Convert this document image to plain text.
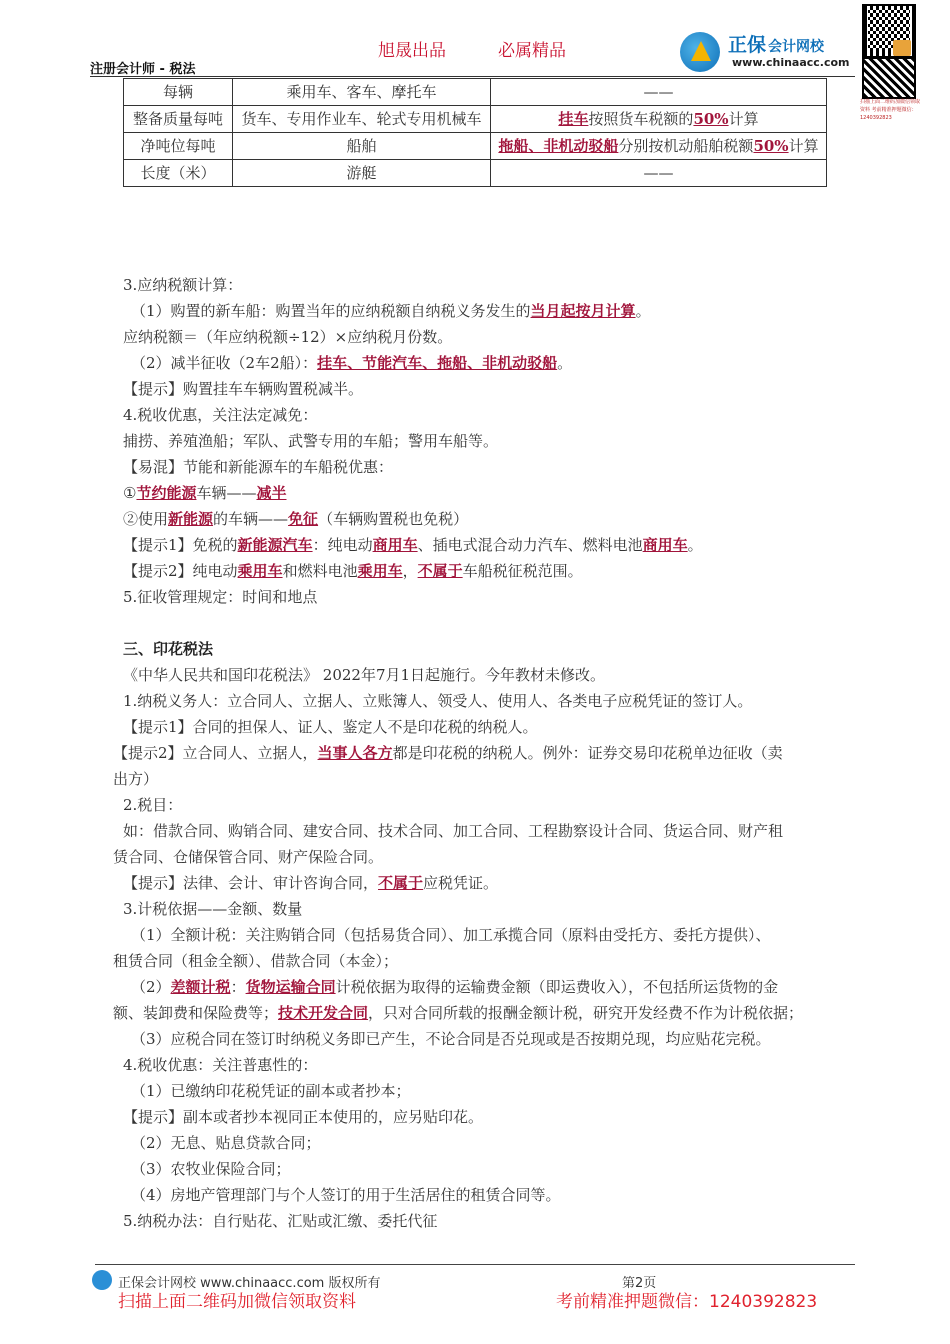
注册会计师 - 税法
旭晟出品	必属精品	正保 会计网校
www.chinaacc.com
扫描上面二维码加微信领取资料 考前精准押题微信：1240392823
每辆	乘用车、客车、摩托车	——
整备质量每吨	货车、专用作业车、轮式专用机械车	挂车按照货车税额的50%计算
净吨位每吨	船舶	拖船、非机动驳船分别按机动船舶税额50%计算
长度（米）	游艇	——

3.应纳税额计算：

（1）购置的新车船：购置当年的应纳税额自纳税义务发生的当月起按月计算。

应纳税额＝（年应纳税额÷12）×应纳税月份数。

（2）减半征收（2车2船）：挂车、节能汽车、拖船、非机动驳船。

【提示】购置挂车车辆购置税减半。

4.税收优惠，关注法定减免：

捕捞、养殖渔船；军队、武警专用的车船；警用车船等。

【易混】节能和新能源车的车船税优惠：

①节约能源车辆——减半

②使用新能源的车辆——免征（车辆购置税也免税）

【提示1】免税的新能源汽车：纯电动商用车、插电式混合动力汽车、燃料电池商用车。

【提示2】纯电动乘用车和燃料电池乘用车，不属于车船税征税范围。

5.征收管理规定：时间和地点

三、印花税法

《中华人民共和国印花税法》 2022年7月1日起施行。今年教材未修改。

1.纳税义务人：立合同人、立据人、立账簿人、领受人、使用人、各类电子应税凭证的签订人。

【提示1】合同的担保人、证人、鉴定人不是印花税的纳税人。

【提示2】立合同人、立据人，当事人各方都是印花税的纳税人。例外：证券交易印花税单边征收（卖

出方）

2.税目：

如：借款合同、购销合同、建安合同、技术合同、加工合同、工程勘察设计合同、货运合同、财产租

赁合同、仓储保管合同、财产保险合同。

【提示】法律、会计、审计咨询合同，不属于应税凭证。

3.计税依据——金额、数量

（1）全额计税：关注购销合同（包括易货合同）、加工承揽合同（原料由受托方、委托方提供）、

租赁合同（租金全额）、借款合同（本金）；

（2）差额计税：货物运输合同计税依据为取得的运输费金额（即运费收入），不包括所运货物的金

额、装卸费和保险费等；技术开发合同，只对合同所载的报酬金额计税，研究开发经费不作为计税依据；

（3）应税合同在签订时纳税义务即已产生，不论合同是否兑现或是否按期兑现，均应贴花完税。

4.税收优惠：关注普惠性的：

（1）已缴纳印花税凭证的副本或者抄本；

【提示】副本或者抄本视同正本使用的，应另贴印花。

（2）无息、贴息贷款合同；

（3）农牧业保险合同；

（4）房地产管理部门与个人签订的用于生活居住的租赁合同等。

5.纳税办法：自行贴花、汇贴或汇缴、委托代征

正保会计网校 www.chinaacc.com 版权所有	第2页
扫描上面二维码加微信领取资料	考前精准押题微信：1240392823
